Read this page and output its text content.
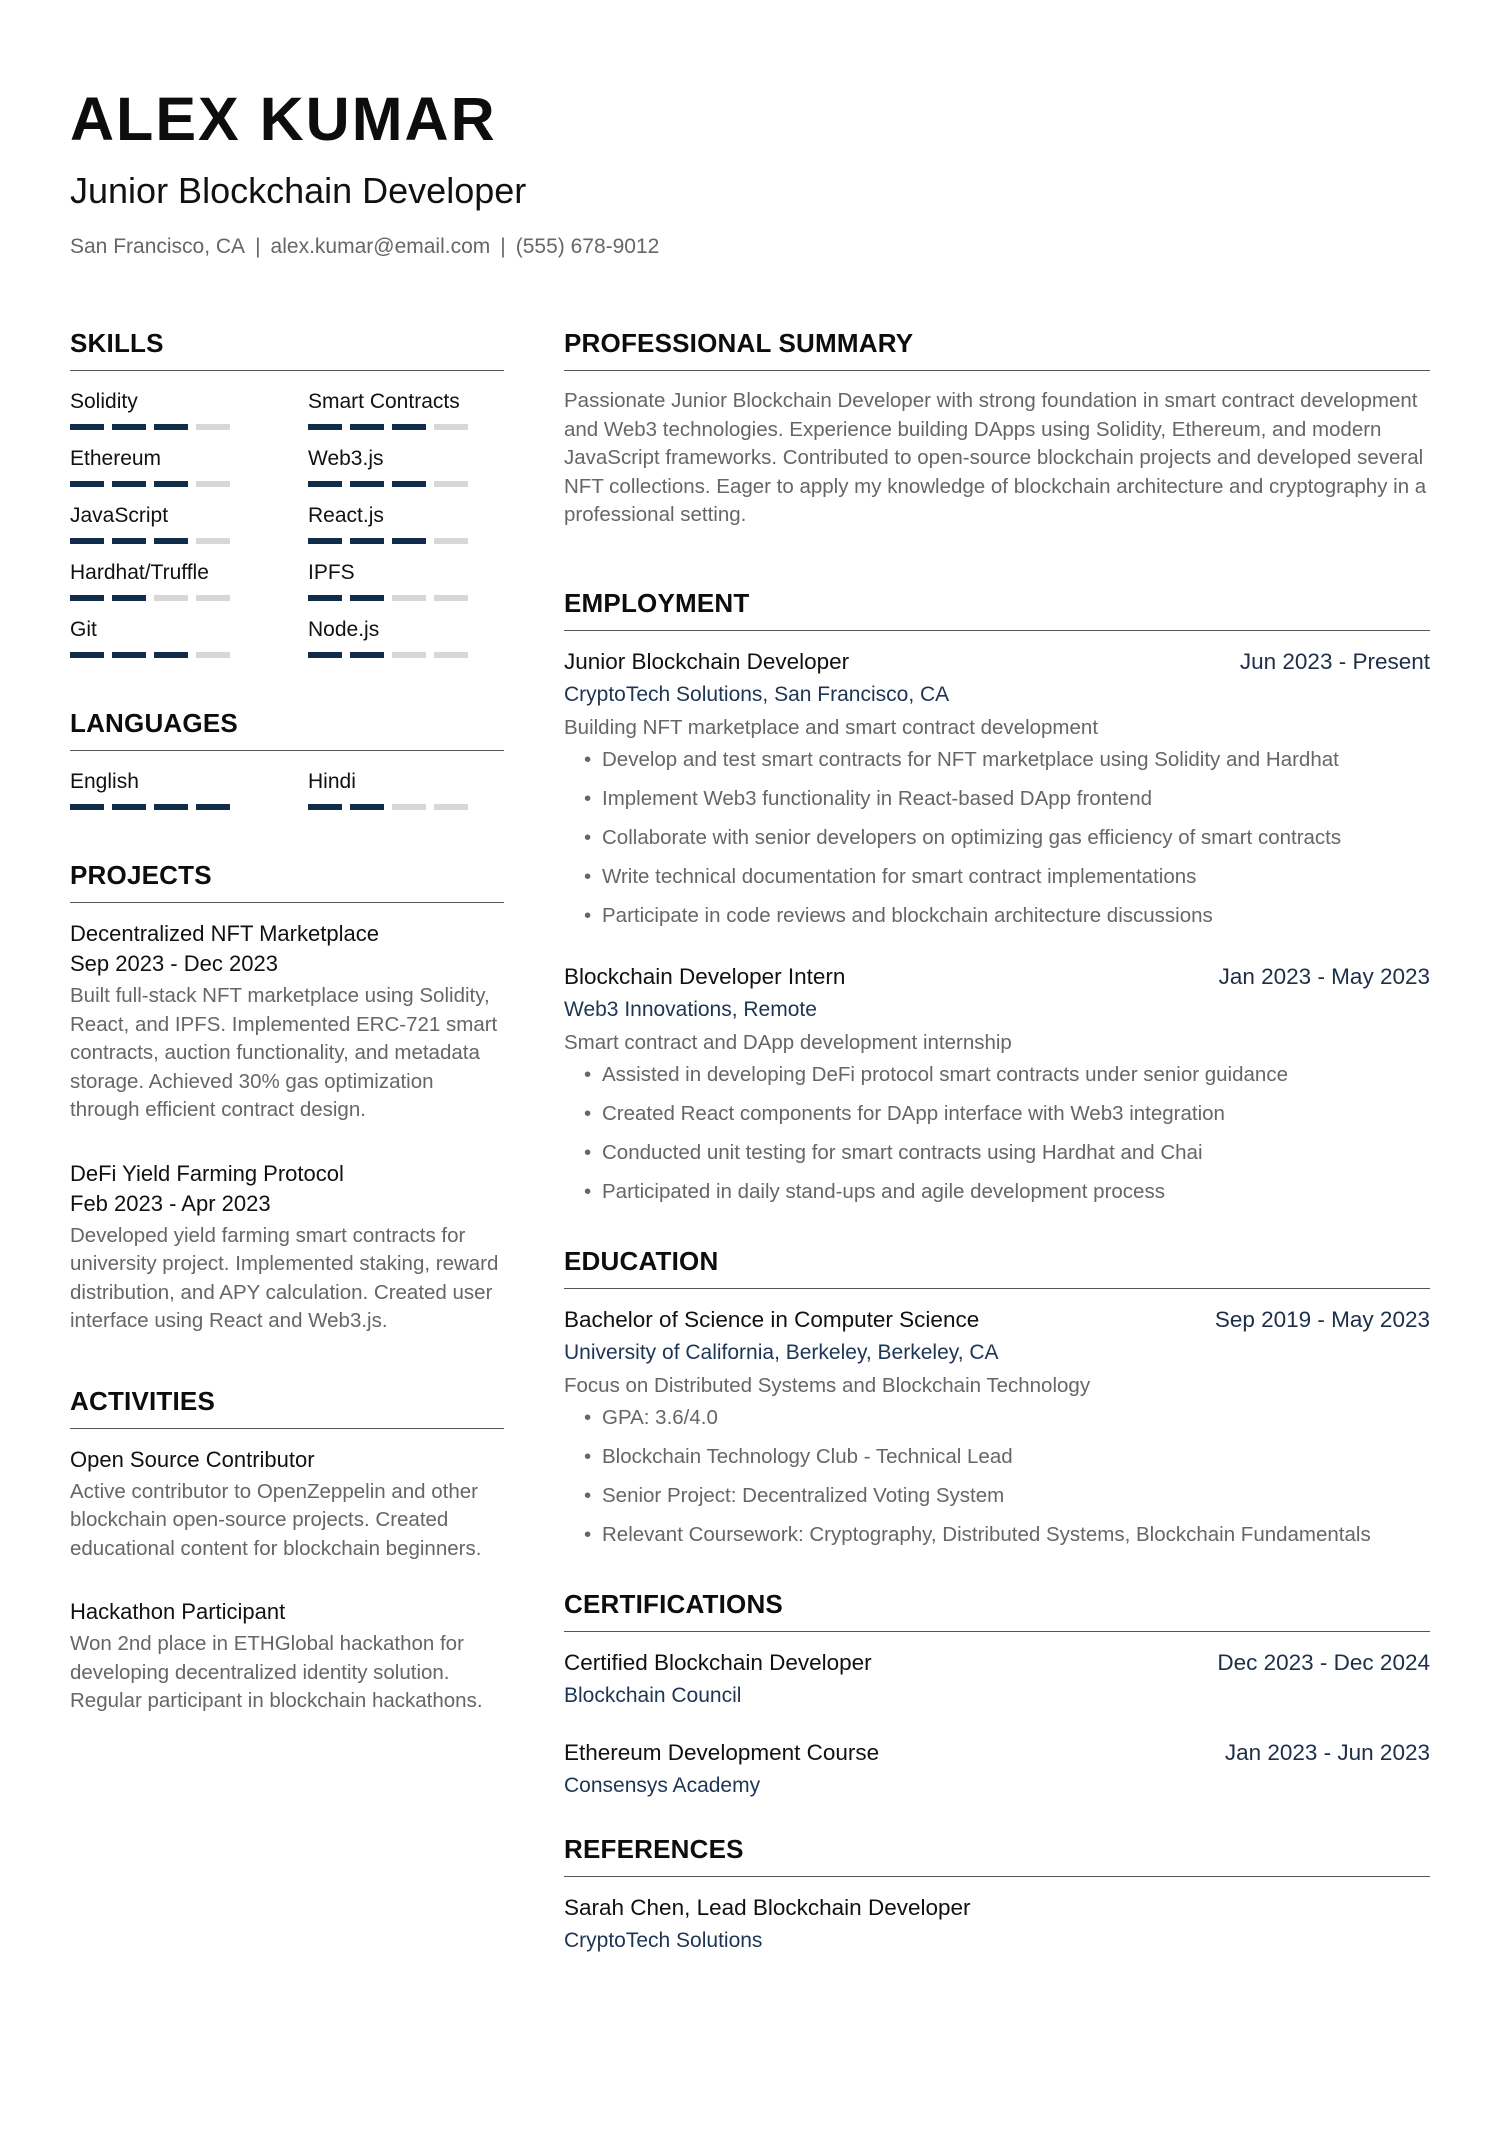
ALEX KUMAR
Junior Blockchain Developer
San Francisco, CA | alex.kumar@email.com | (555) 678-9012
SKILLS
Solidity	Smart Contracts
Ethereum	Web3.js
JavaScript	React.js
Hardhat/Truffle	IPFS
Git	Node.js
LANGUAGES
English	Hindi
PROJECTS
Decentralized NFT Marketplace
Sep 2023 - Dec 2023
Built full-stack NFT marketplace using Solidity, React, and IPFS. Implemented ERC-721 smart contracts, auction functionality, and metadata storage. Achieved 30% gas optimization through efficient contract design.
DeFi Yield Farming Protocol
Feb 2023 - Apr 2023
Developed yield farming smart contracts for university project. Implemented staking, reward distribution, and APY calculation. Created user interface using React and Web3.js.
ACTIVITIES
Open Source Contributor
Active contributor to OpenZeppelin and other blockchain open-source projects. Created educational content for blockchain beginners.
Hackathon Participant
Won 2nd place in ETHGlobal hackathon for developing decentralized identity solution. Regular participant in blockchain hackathons.
PROFESSIONAL SUMMARY
Passionate Junior Blockchain Developer with strong foundation in smart contract development and Web3 technologies. Experience building DApps using Solidity, Ethereum, and modern JavaScript frameworks. Contributed to open-source blockchain projects and developed several NFT collections. Eager to apply my knowledge of blockchain architecture and cryptography in a professional setting.
EMPLOYMENT
Junior Blockchain Developer	Jun 2023 - Present
CryptoTech Solutions, San Francisco, CA
Building NFT marketplace and smart contract development
• Develop and test smart contracts for NFT marketplace using Solidity and Hardhat
• Implement Web3 functionality in React-based DApp frontend
• Collaborate with senior developers on optimizing gas efficiency of smart contracts
• Write technical documentation for smart contract implementations
• Participate in code reviews and blockchain architecture discussions
Blockchain Developer Intern	Jan 2023 - May 2023
Web3 Innovations, Remote
Smart contract and DApp development internship
• Assisted in developing DeFi protocol smart contracts under senior guidance
• Created React components for DApp interface with Web3 integration
• Conducted unit testing for smart contracts using Hardhat and Chai
• Participated in daily stand-ups and agile development process
EDUCATION
Bachelor of Science in Computer Science	Sep 2019 - May 2023
University of California, Berkeley, Berkeley, CA
Focus on Distributed Systems and Blockchain Technology
• GPA: 3.6/4.0
• Blockchain Technology Club - Technical Lead
• Senior Project: Decentralized Voting System
• Relevant Coursework: Cryptography, Distributed Systems, Blockchain Fundamentals
CERTIFICATIONS
Certified Blockchain Developer	Dec 2023 - Dec 2024
Blockchain Council
Ethereum Development Course	Jan 2023 - Jun 2023
Consensys Academy
REFERENCES
Sarah Chen, Lead Blockchain Developer
CryptoTech Solutions
